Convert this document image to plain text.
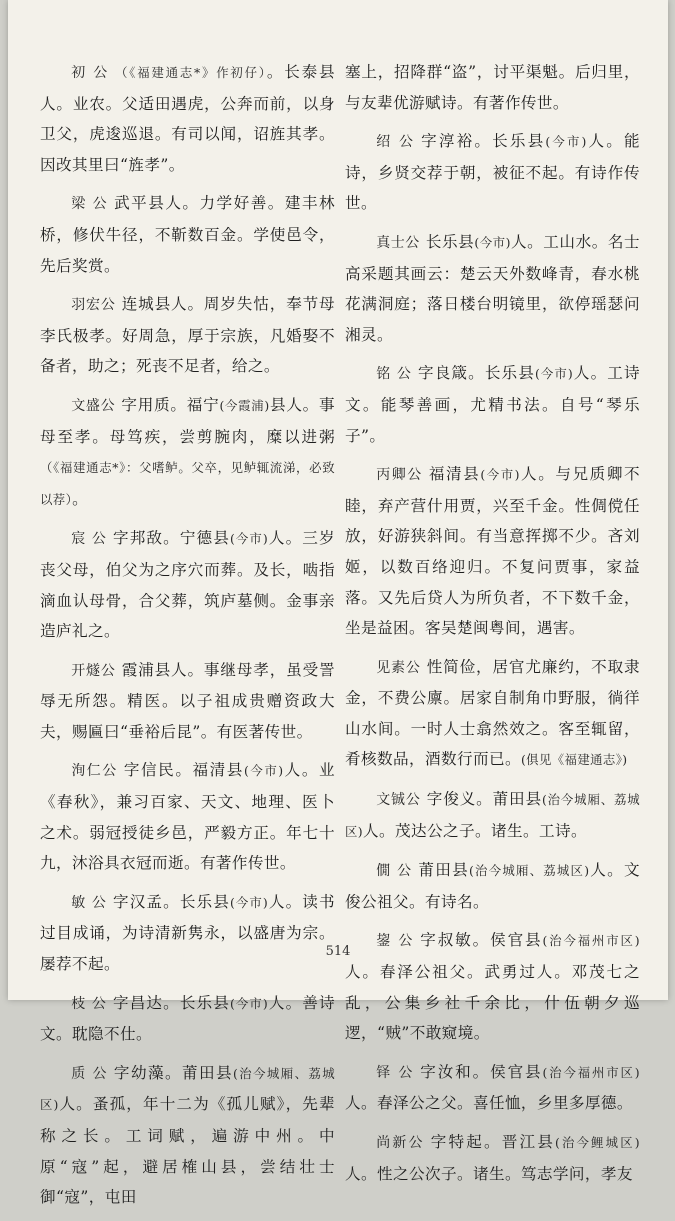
初 公 （《福建通志*》作初仔）。长泰县人。业农。父适田遇虎，公奔而前，以身卫父，虎逡巡退。有司以闻，诏旌其孝。因改其里曰“旌孝”。

梁 公 武平县人。力学好善。建丰林桥，修伏牛径，不靳数百金。学使邑令，先后奖赏。

羽宏公 连城县人。周岁失怙，奉节母李氏极孝。好周急，厚于宗族，凡婚娶不备者，助之；死丧不足者，给之。

文盛公 字用质。福宁(今霞浦)县人。事母至孝。母笃疾，尝剪腕肉，糜以进粥（《福建通志*》：父嗜鲈。父卒，见鲈辄流涕，必致以荐）。

宸 公 字邦敌。宁德县(今市)人。三岁丧父母，伯父为之序穴而葬。及长，啮指滴血认母骨，合父葬，筑庐墓侧。金事亲造庐礼之。

开燧公 霞浦县人。事继母孝，虽受詈辱无所怨。精医。以子祖成贵赠资政大夫，赐匾曰“垂裕后昆”。有医著传世。

洵仁公 字信民。福清县(今市)人。业《春秋》，兼习百家、天文、地理、医卜之术。弱冠授徒乡邑，严毅方正。年七十九，沐浴具衣冠而逝。有著作传世。

敏 公 字汉孟。长乐县(今市)人。读书过目成诵，为诗清新隽永，以盛唐为宗。屡荐不起。

枝 公 字昌达。长乐县(今市)人。善诗文。耽隐不仕。

质 公 字幼藻。莆田县(治今城厢、荔城区)人。蚤孤，年十二为《孤儿赋》，先辈称之长。工词赋，遍游中州。中原“寇”起，避居榷山县，尝结壮士御“寇”，屯田

塞上，招降群“盗”，讨平渠魁。后归里，与友辈优游赋诗。有著作传世。

绍 公 字淳裕。长乐县(今市)人。能诗，乡贤交荐于朝，被征不起。有诗作传世。

真士公 长乐县(今市)人。工山水。名士高采题其画云：楚云天外数峰青，春水桃花满洞庭；落日楼台明镜里，欲停瑶瑟问湘灵。

铭 公 字良箴。长乐县(今市)人。工诗文。能琴善画，尤精书法。自号“琴乐子”。

丙卿公 福清县(今市)人。与兄质卿不睦，弃产营什用贾，兴至千金。性倜傥任放，好游狭斜间。有当意挥掷不少。吝刘姬，以数百络迎归。不复问贾事，家益落。又先后贷人为所负者，不下数千金，坐是益困。客吴楚闽粤间，遇害。

见素公 性简俭，居官尤廉约，不取隶金，不费公廪。居家自制角巾野服，徜徉山水间。一时人士翕然效之。客至辄留，肴核数品，酒数行而已。(俱见《福建通志》)

文铖公 字俊义。莆田县(治今城厢、荔城区)人。茂达公之子。诸生。工诗。

僩 公 莆田县(治今城厢、荔城区)人。文俊公祖父。有诗名。

鋆 公 字叔敏。侯官县(治今福州市区)人。春泽公祖父。武勇过人。邓茂七之乱，公集乡社千余比，什伍朝夕巡逻，“贼”不敢窥境。

铎 公 字汝和。侯官县(治今福州市区)人。春泽公之父。喜任恤，乡里多厚德。

尚新公 字特起。晋江县(治今鲤城区)人。性之公次子。诸生。笃志学问，孝友

514
